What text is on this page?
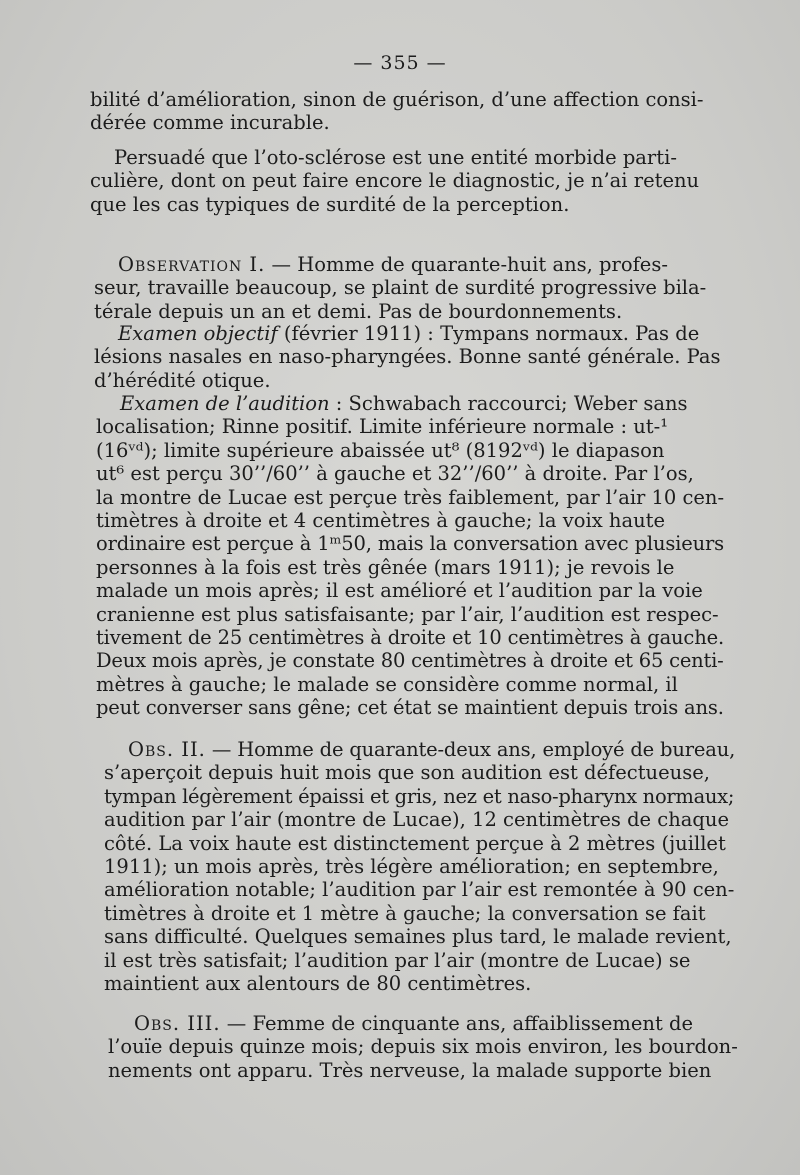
— 355 —

bilité d’amélioration, sinon de guérison, d’une affection consi-
dérée comme incurable.

Persuadé que l’oto-sclérose est une entité morbide parti-
culière, dont on peut faire encore le diagnostic, je n’ai retenu
que les cas typiques de surdité de la perception.

Observation I. — Homme de quarante-huit ans, profes-
seur, travaille beaucoup, se plaint de surdité progressive bila-
térale depuis un an et demi. Pas de bourdonnements.

Examen objectif (février 1911) : Tympans normaux. Pas de
lésions nasales en naso-pharyngées. Bonne santé générale. Pas
d’hérédité otique.

Examen de l’audition : Schwabach raccourci; Weber sans
localisation; Rinne positif. Limite inférieure normale : ut-¹
(16ᵛᵈ); limite supérieure abaissée ut⁸ (8192ᵛᵈ) le diapason
ut⁶ est perçu 30’’/60’’ à gauche et 32’’/60’’ à droite. Par l’os,
la montre de Lucae est perçue très faiblement, par l’air 10 cen-
timètres à droite et 4 centimètres à gauche; la voix haute
ordinaire est perçue à 1ᵐ50, mais la conversation avec plusieurs
personnes à la fois est très gênée (mars 1911); je revois le
malade un mois après; il est amélioré et l’audition par la voie
cranienne est plus satisfaisante; par l’air, l’audition est respec-
tivement de 25 centimètres à droite et 10 centimètres à gauche.
Deux mois après, je constate 80 centimètres à droite et 65 centi-
mètres à gauche; le malade se considère comme normal, il
peut converser sans gêne; cet état se maintient depuis trois ans.

Obs. II. — Homme de quarante-deux ans, employé de bureau,
s’aperçoit depuis huit mois que son audition est défectueuse,
tympan légèrement épaissi et gris, nez et naso-pharynx normaux;
audition par l’air (montre de Lucae), 12 centimètres de chaque
côté. La voix haute est distinctement perçue à 2 mètres (juillet
1911); un mois après, très légère amélioration; en septembre,
amélioration notable; l’audition par l’air est remontée à 90 cen-
timètres à droite et 1 mètre à gauche; la conversation se fait
sans difficulté. Quelques semaines plus tard, le malade revient,
il est très satisfait; l’audition par l’air (montre de Lucae) se
maintient aux alentours de 80 centimètres.

Obs. III. — Femme de cinquante ans, affaiblissement de
l’ouïe depuis quinze mois; depuis six mois environ, les bourdon-
nements ont apparu. Très nerveuse, la malade supporte bien
